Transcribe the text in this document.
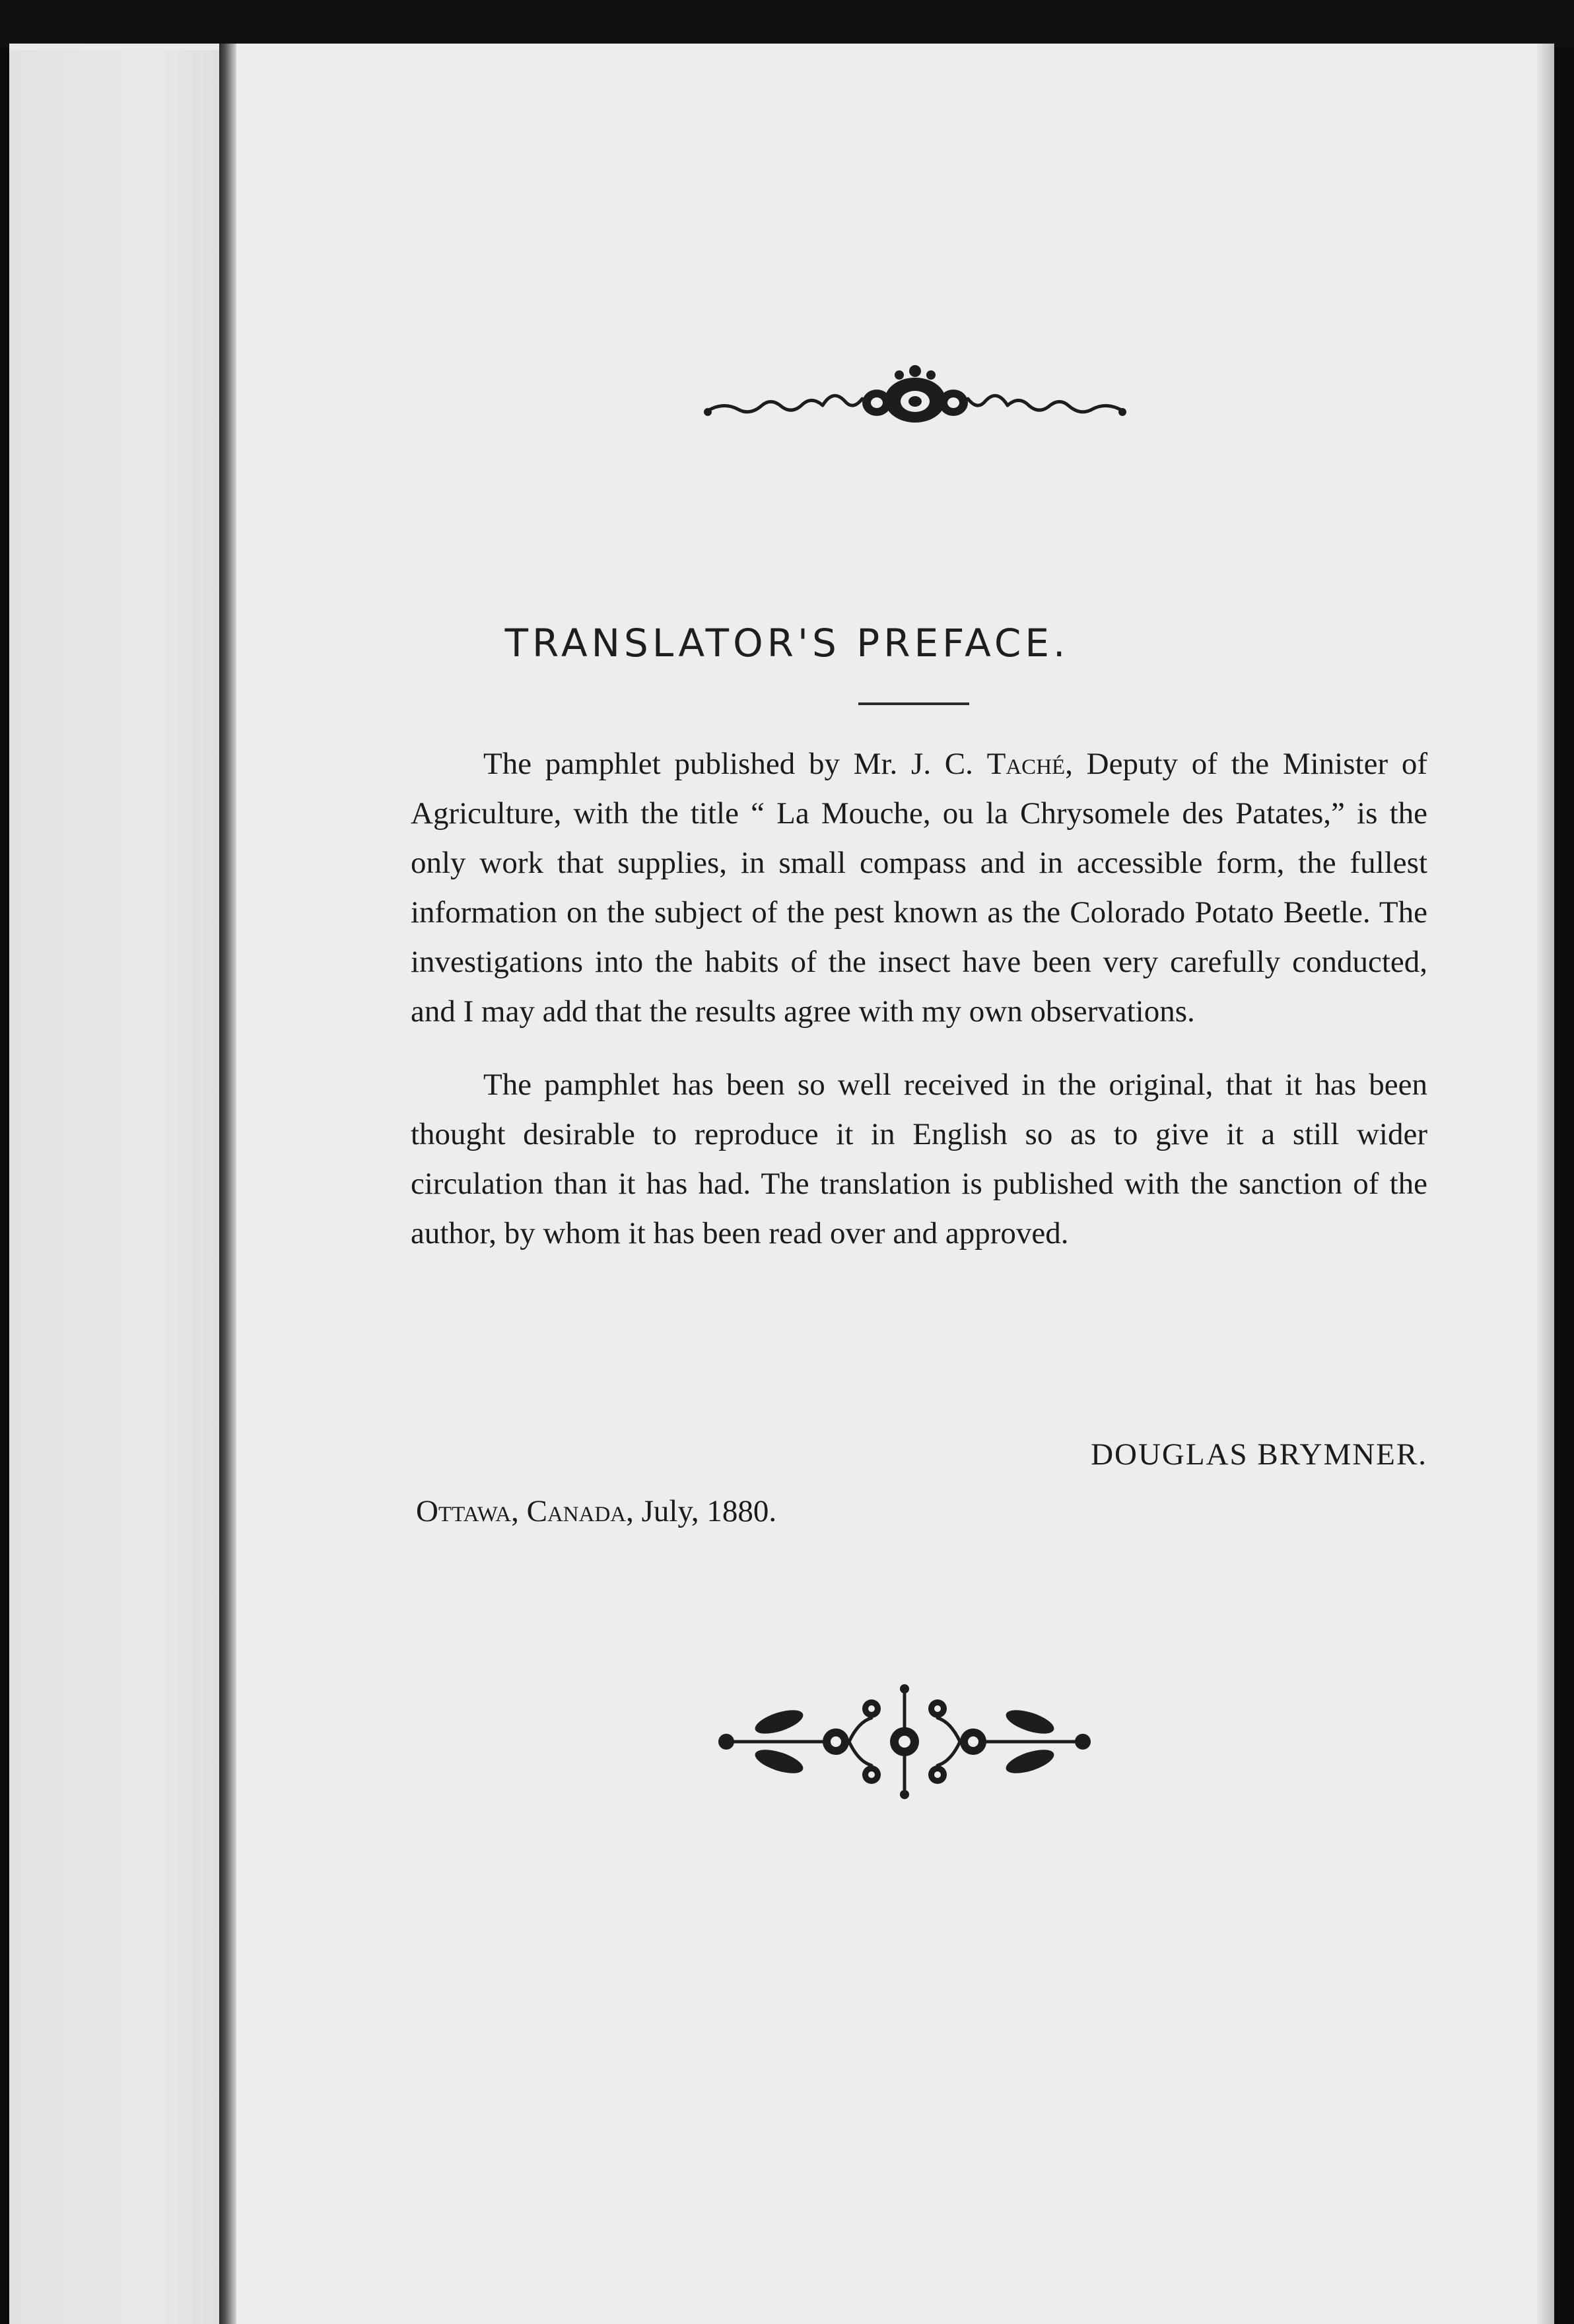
TRANSLATOR'S PREFACE.

The pamphlet published by Mr. J. C. Taché, Deputy of the Minister of Agriculture, with the title “ La Mouche, ou la Chrysomele des Patates,” is the only work that supplies, in small compass and in accessible form, the fullest information on the subject of the pest known as the Colorado Potato Beetle. The investigations into the habits of the insect have been very carefully conducted, and I may add that the results agree with my own observations.

The pamphlet has been so well received in the original, that it has been thought desirable to reproduce it in English so as to give it a still wider circulation than it has had. The translation is published with the sanction of the author, by whom it has been read over and approved.

DOUGLAS BRYMNER.
Ottawa, Canada, July, 1880.
